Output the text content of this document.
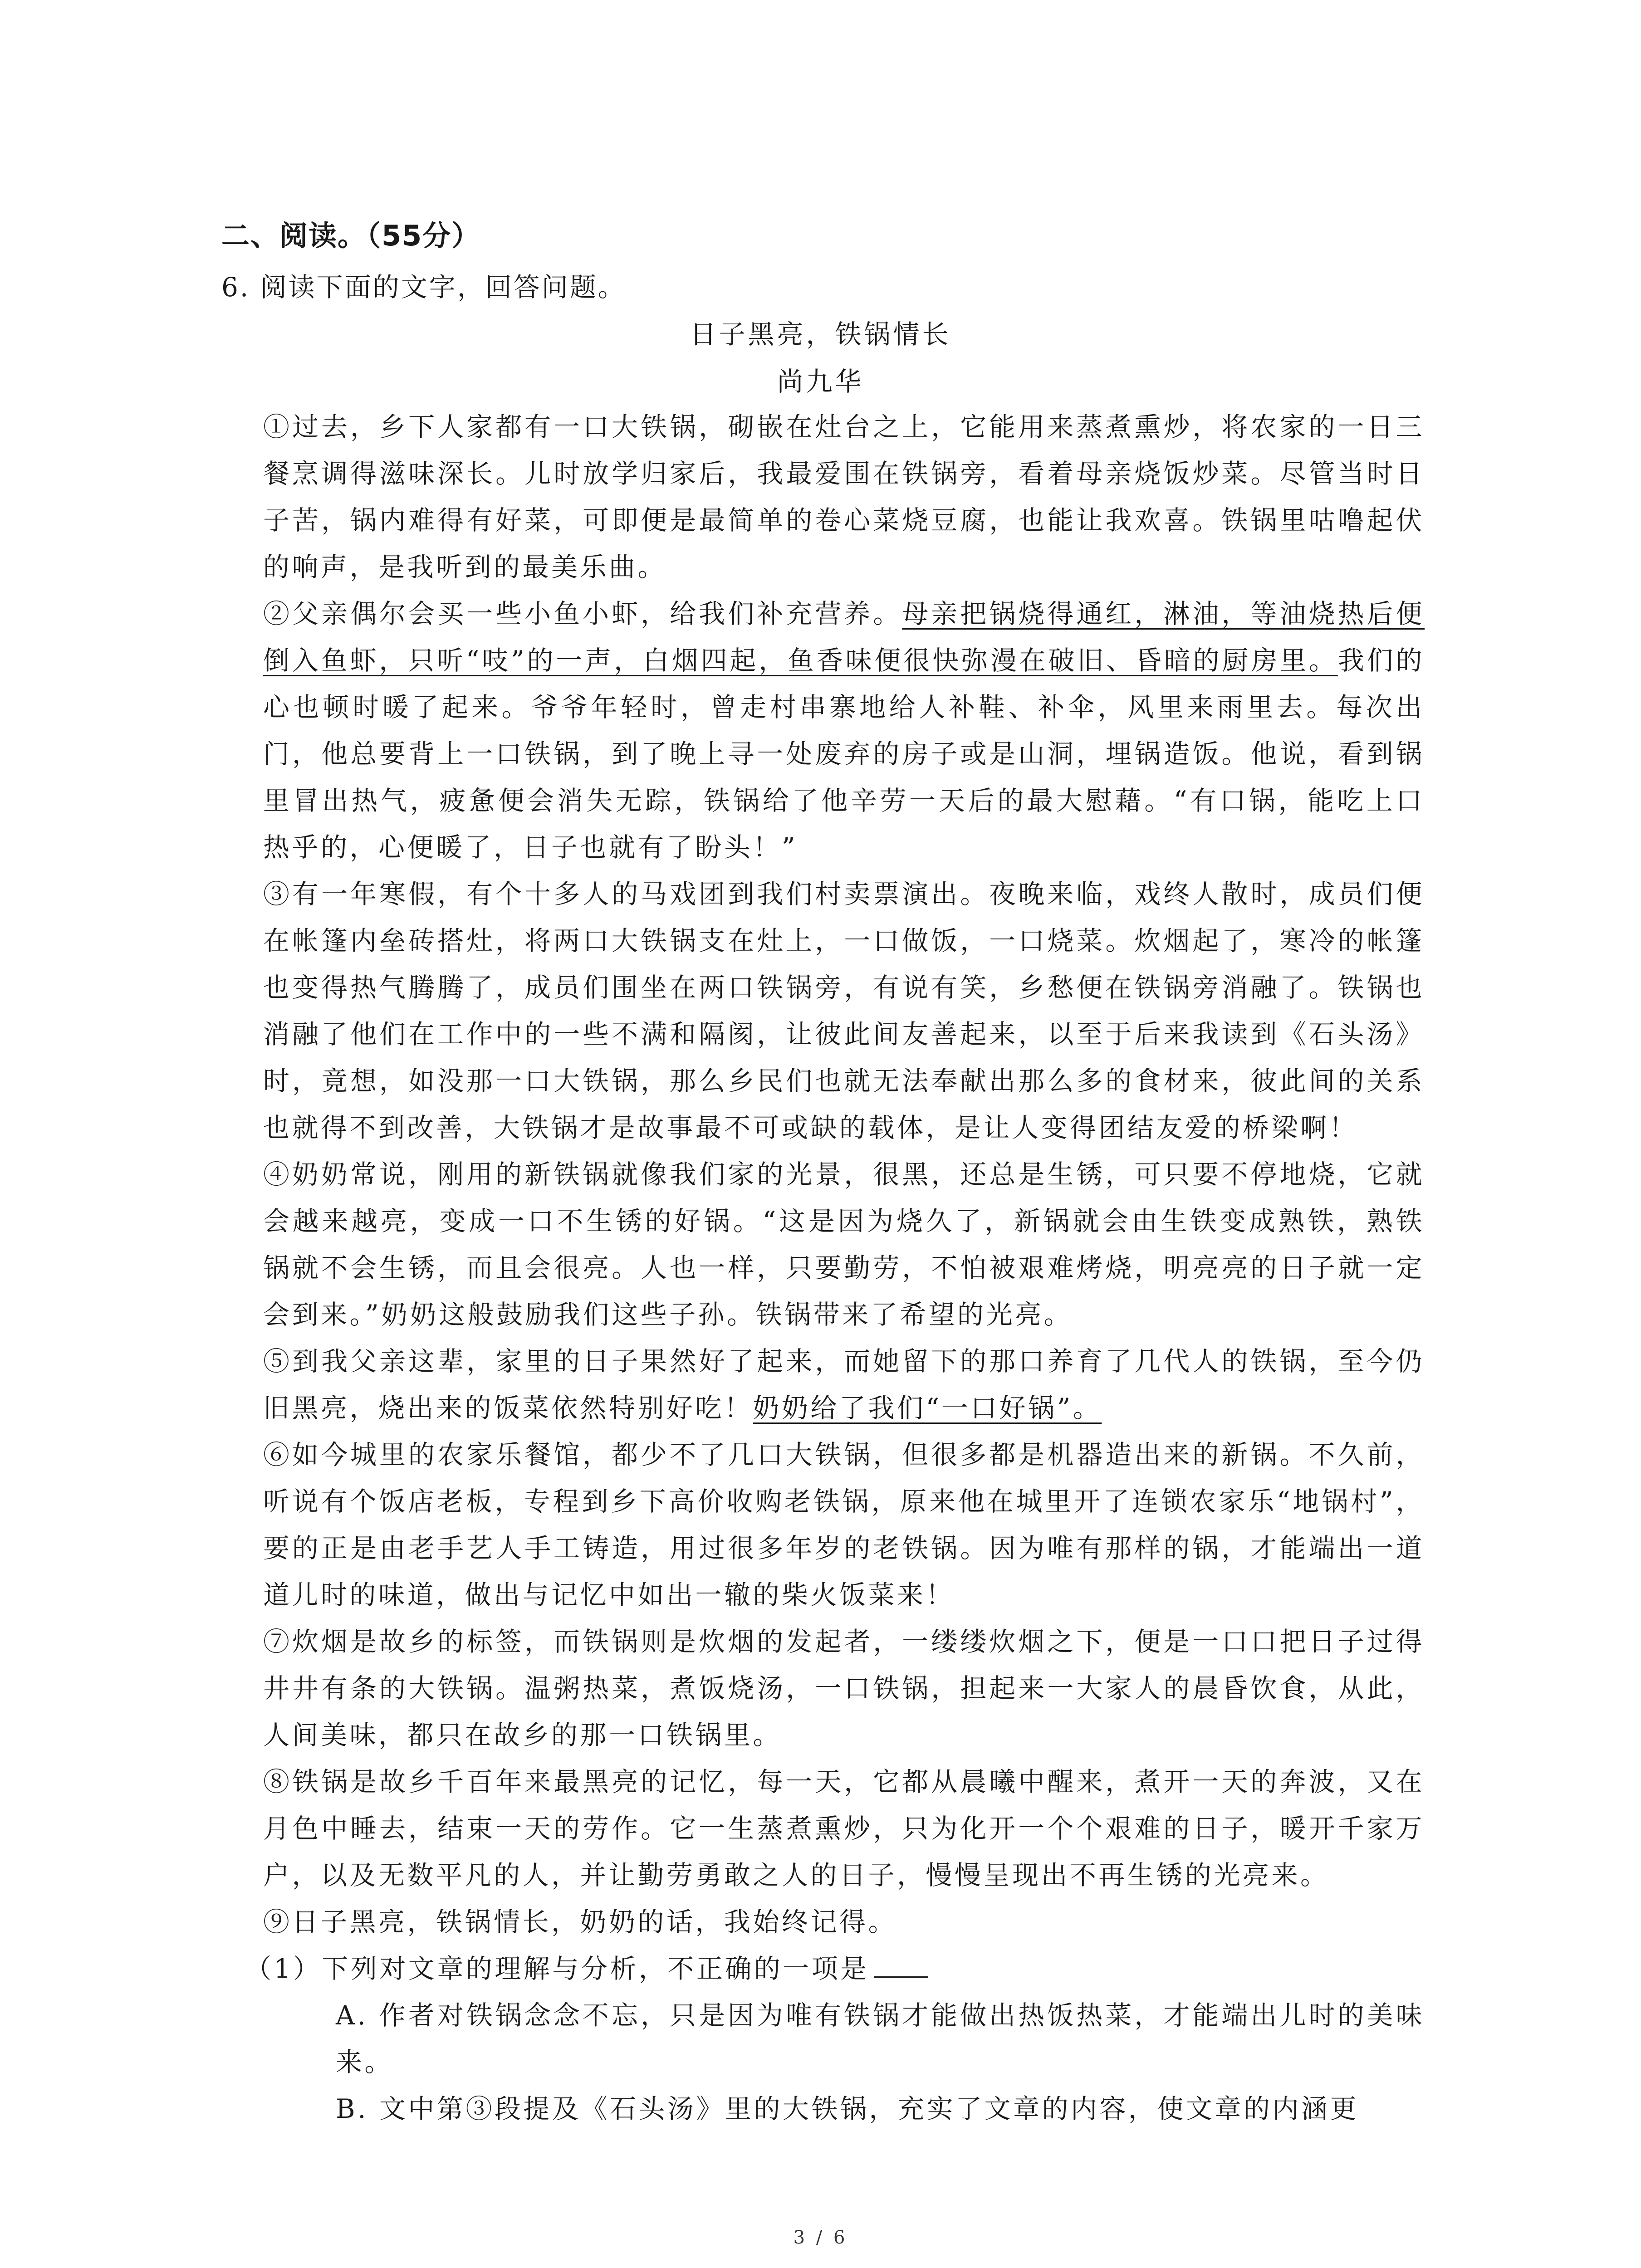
二、阅读。（55分）
6. 阅读下面的文字，回答问题。
日子黑亮，铁锅情长
尚九华

①过去，乡下人家都有一口大铁锅，砌嵌在灶台之上，它能用来蒸煮熏炒，将农家的一日三餐烹调得滋味深长。儿时放学归家后，我最爱围在铁锅旁，看着母亲烧饭炒菜。尽管当时日子苦，锅内难得有好菜，可即便是最简单的卷心菜烧豆腐，也能让我欢喜。铁锅里咕噜起伏的响声，是我听到的最美乐曲。

②父亲偶尔会买一些小鱼小虾，给我们补充营养。母亲把锅烧得通红，淋油，等油烧热后便倒入鱼虾，只听“吱”的一声，白烟四起，鱼香味便很快弥漫在破旧、昏暗的厨房里。我们的心也顿时暖了起来。爷爷年轻时，曾走村串寨地给人补鞋、补伞，风里来雨里去。每次出门，他总要背上一口铁锅，到了晚上寻一处废弃的房子或是山洞，埋锅造饭。他说，看到锅里冒出热气，疲惫便会消失无踪，铁锅给了他辛劳一天后的最大慰藉。“有口锅，能吃上口热乎的，心便暖了，日子也就有了盼头！”

③有一年寒假，有个十多人的马戏团到我们村卖票演出。夜晚来临，戏终人散时，成员们便在帐篷内垒砖搭灶，将两口大铁锅支在灶上，一口做饭，一口烧菜。炊烟起了，寒冷的帐篷也变得热气腾腾了，成员们围坐在两口铁锅旁，有说有笑，乡愁便在铁锅旁消融了。铁锅也消融了他们在工作中的一些不满和隔阂，让彼此间友善起来，以至于后来我读到《石头汤》时，竟想，如没那一口大铁锅，那么乡民们也就无法奉献出那么多的食材来，彼此间的关系也就得不到改善，大铁锅才是故事最不可或缺的载体，是让人变得团结友爱的桥梁啊！

④奶奶常说，刚用的新铁锅就像我们家的光景，很黑，还总是生锈，可只要不停地烧，它就会越来越亮，变成一口不生锈的好锅。“这是因为烧久了，新锅就会由生铁变成熟铁，熟铁锅就不会生锈，而且会很亮。人也一样，只要勤劳，不怕被艰难烤烧，明亮亮的日子就一定会到来。”奶奶这般鼓励我们这些子孙。铁锅带来了希望的光亮。

⑤到我父亲这辈，家里的日子果然好了起来，而她留下的那口养育了几代人的铁锅，至今仍旧黑亮，烧出来的饭菜依然特别好吃！奶奶给了我们“一口好锅”。

⑥如今城里的农家乐餐馆，都少不了几口大铁锅，但很多都是机器造出来的新锅。不久前，听说有个饭店老板，专程到乡下高价收购老铁锅，原来他在城里开了连锁农家乐“地锅村”，要的正是由老手艺人手工铸造，用过很多年岁的老铁锅。因为唯有那样的锅，才能端出一道道儿时的味道，做出与记忆中如出一辙的柴火饭菜来！

⑦炊烟是故乡的标签，而铁锅则是炊烟的发起者，一缕缕炊烟之下，便是一口口把日子过得井井有条的大铁锅。温粥热菜，煮饭烧汤，一口铁锅，担起来一大家人的晨昏饮食，从此，人间美味，都只在故乡的那一口铁锅里。

⑧铁锅是故乡千百年来最黑亮的记忆，每一天，它都从晨曦中醒来，煮开一天的奔波，又在月色中睡去，结束一天的劳作。它一生蒸煮熏炒，只为化开一个个艰难的日子，暖开千家万户，以及无数平凡的人，并让勤劳勇敢之人的日子，慢慢呈现出不再生锈的光亮来。

⑨日子黑亮，铁锅情长，奶奶的话，我始终记得。

（1）下列对文章的理解与分析，不正确的一项是

A. 作者对铁锅念念不忘，只是因为唯有铁锅才能做出热饭热菜，才能端出儿时的美味来。

B. 文中第③段提及《石头汤》里的大铁锅，充实了文章的内容，使文章的内涵更

3 / 6
